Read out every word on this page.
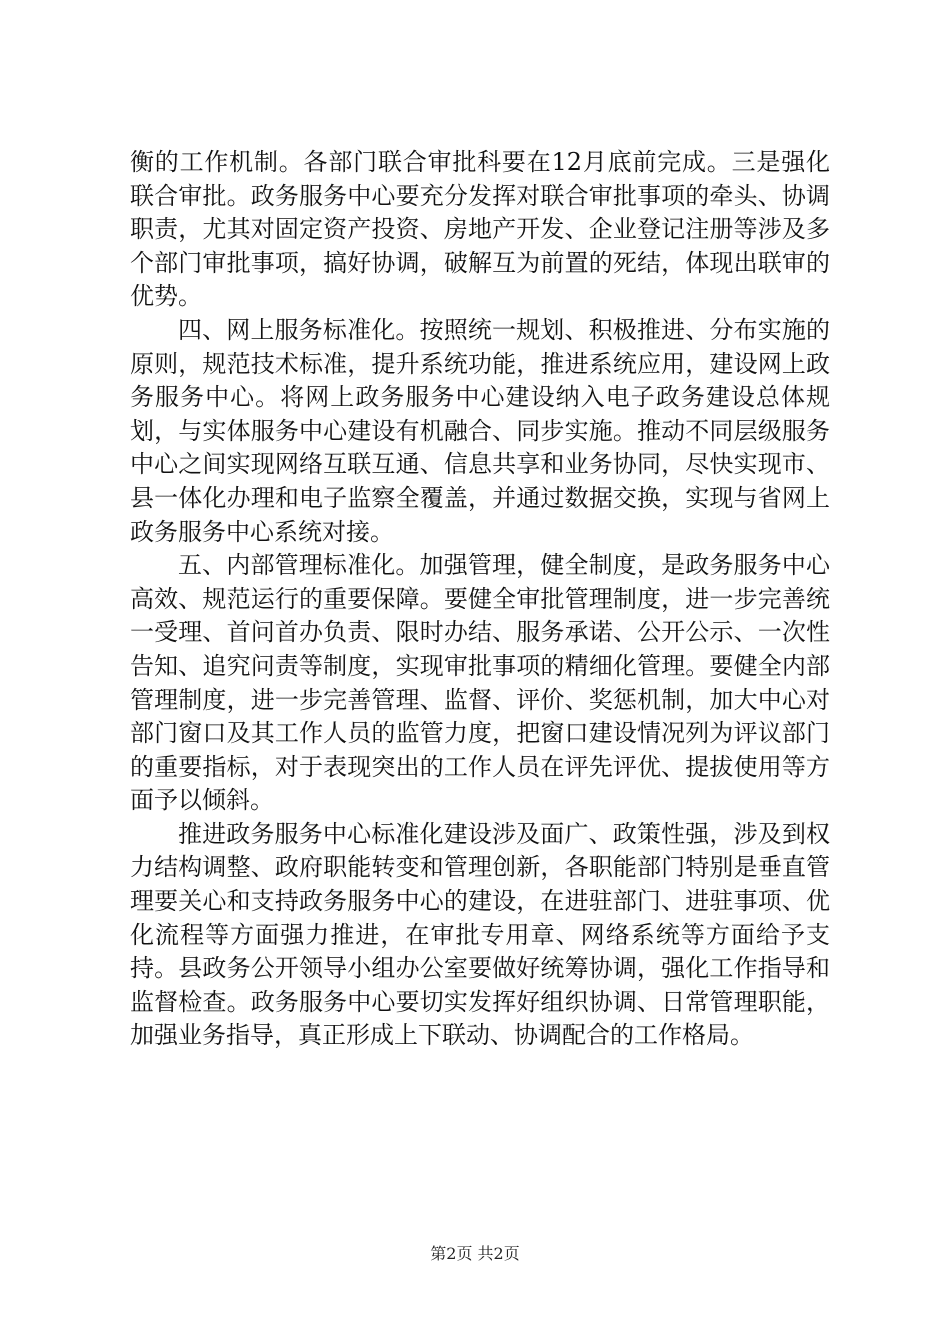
衡的工作机制。各部门联合审批科要在12月底前完成。三是强化联合审批。政务服务中心要充分发挥对联合审批事项的牵头、协调职责，尤其对固定资产投资、房地产开发、企业登记注册等涉及多个部门审批事项，搞好协调，破解互为前置的死结，体现出联审的优势。

四、网上服务标准化。按照统一规划、积极推进、分布实施的原则，规范技术标准，提升系统功能，推进系统应用，建设网上政务服务中心。将网上政务服务中心建设纳入电子政务建设总体规划，与实体服务中心建设有机融合、同步实施。推动不同层级服务中心之间实现网络互联互通、信息共享和业务协同，尽快实现市、县一体化办理和电子监察全覆盖，并通过数据交换，实现与省网上政务服务中心系统对接。

五、内部管理标准化。加强管理，健全制度，是政务服务中心高效、规范运行的重要保障。要健全审批管理制度，进一步完善统一受理、首问首办负责、限时办结、服务承诺、公开公示、一次性告知、追究问责等制度，实现审批事项的精细化管理。要健全内部管理制度，进一步完善管理、监督、评价、奖惩机制，加大中心对部门窗口及其工作人员的监管力度，把窗口建设情况列为评议部门的重要指标，对于表现突出的工作人员在评先评优、提拔使用等方面予以倾斜。

推进政务服务中心标准化建设涉及面广、政策性强，涉及到权力结构调整、政府职能转变和管理创新，各职能部门特别是垂直管理要关心和支持政务服务中心的建设，在进驻部门、进驻事项、优化流程等方面强力推进，在审批专用章、网络系统等方面给予支持。县政务公开领导小组办公室要做好统筹协调，强化工作指导和监督检查。政务服务中心要切实发挥好组织协调、日常管理职能，加强业务指导，真正形成上下联动、协调配合的工作格局。

第2页 共2页
